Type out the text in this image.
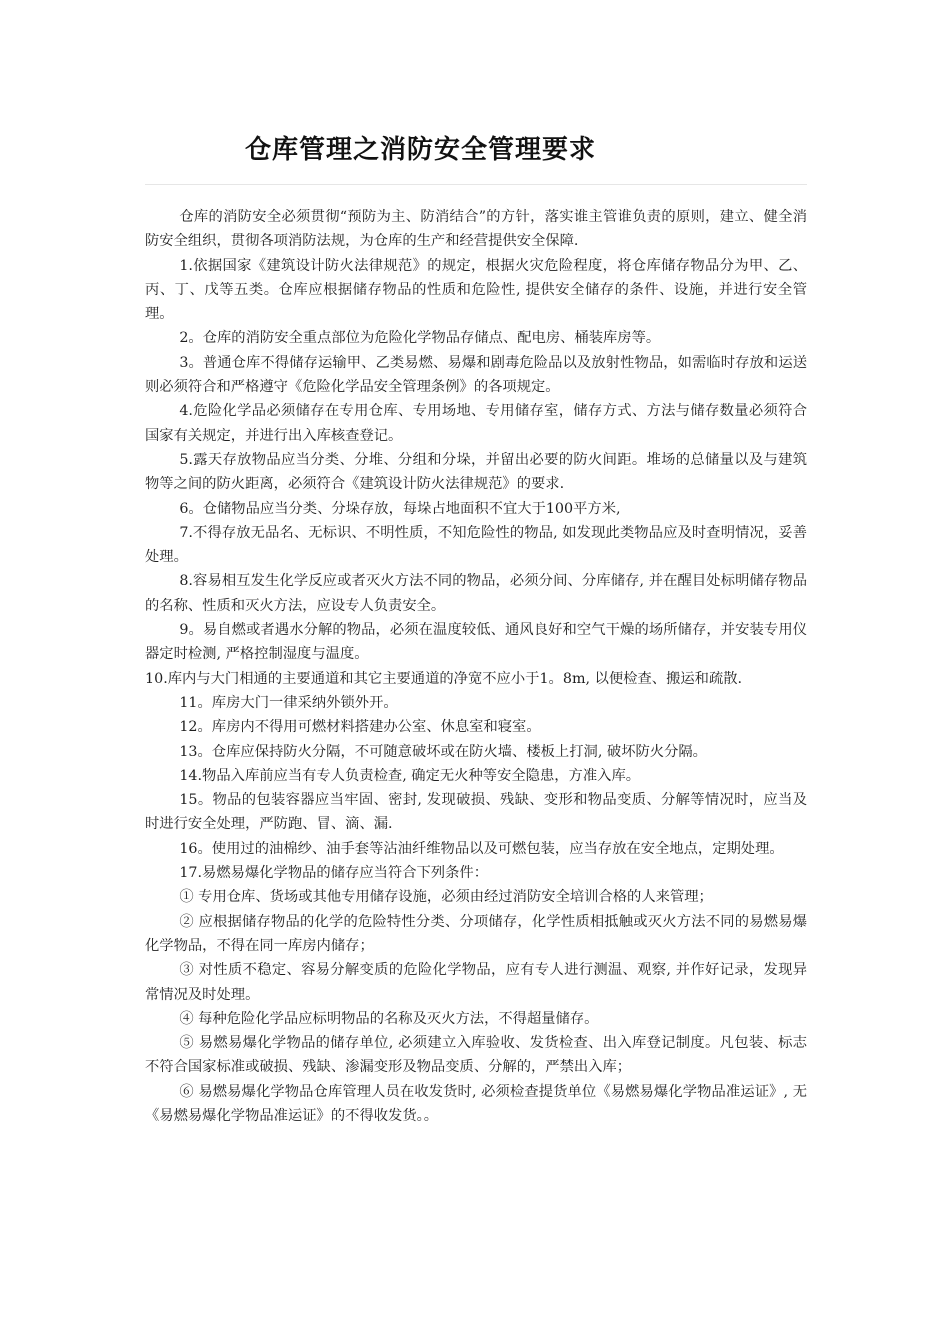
仓库管理之消防安全管理要求

仓库的消防安全必须贯彻“预防为主、防消结合”的方针，落实谁主管谁负责的原则，建立、健全消防安全组织，贯彻各项消防法规，为仓库的生产和经营提供安全保障.

1.依据国家《建筑设计防火法律规范》的规定，根据火灾危险程度，将仓库储存物品分为甲、乙、丙、丁、戊等五类。仓库应根据储存物品的性质和危险性, 提供安全储存的条件、设施，并进行安全管理。

2。仓库的消防安全重点部位为危险化学物品存储点、配电房、桶装库房等。

3。普通仓库不得储存运输甲、乙类易燃、易爆和剧毒危险品以及放射性物品，如需临时存放和运送则必须符合和严格遵守《危险化学品安全管理条例》的各项规定。

4.危险化学品必须储存在专用仓库、专用场地、专用储存室，储存方式、方法与储存数量必须符合国家有关规定，并进行出入库核查登记。

5.露天存放物品应当分类、分堆、分组和分垛，并留出必要的防火间距。堆场的总储量以及与建筑物等之间的防火距离，必须符合《建筑设计防火法律规范》的要求.

6。仓储物品应当分类、分垛存放，每垛占地面积不宜大于100平方米,

7.不得存放无品名、无标识、不明性质，不知危险性的物品, 如发现此类物品应及时查明情况，妥善处理。

8.容易相互发生化学反应或者灭火方法不同的物品，必须分间、分库储存, 并在醒目处标明储存物品的名称、性质和灭火方法，应设专人负责安全。

9。易自燃或者遇水分解的物品，必须在温度较低、通风良好和空气干燥的场所储存，并安装专用仪器定时检测, 严格控制湿度与温度。

10.库内与大门相通的主要通道和其它主要通道的净宽不应小于1。8m, 以便检查、搬运和疏散.

11。库房大门一律采纳外锁外开。

12。库房内不得用可燃材料搭建办公室、休息室和寝室。

13。仓库应保持防火分隔，不可随意破坏或在防火墙、楼板上打洞, 破坏防火分隔。

14.物品入库前应当有专人负责检查, 确定无火种等安全隐患，方准入库。

15。物品的包装容器应当牢固、密封, 发现破损、残缺、变形和物品变质、分解等情况时，应当及时进行安全处理，严防跑、冒、滴、漏.

16。使用过的油棉纱、油手套等沾油纤维物品以及可燃包装，应当存放在安全地点，定期处理。

17.易燃易爆化学物品的储存应当符合下列条件：

① 专用仓库、货场或其他专用储存设施，必须由经过消防安全培训合格的人来管理；

② 应根据储存物品的化学的危险特性分类、分项储存，化学性质相抵触或灭火方法不同的易燃易爆化学物品，不得在同一库房内储存；

③ 对性质不稳定、容易分解变质的危险化学物品，应有专人进行测温、观察, 并作好记录，发现异常情况及时处理。

④ 每种危险化学品应标明物品的名称及灭火方法，不得超量储存。

⑤ 易燃易爆化学物品的储存单位, 必须建立入库验收、发货检查、出入库登记制度。凡包装、标志不符合国家标准或破损、残缺、渗漏变形及物品变质、分解的，严禁出入库；

⑥ 易燃易爆化学物品仓库管理人员在收发货时, 必须检查提货单位《易燃易爆化学物品准运证》, 无《易燃易爆化学物品准运证》的不得收发货。。
